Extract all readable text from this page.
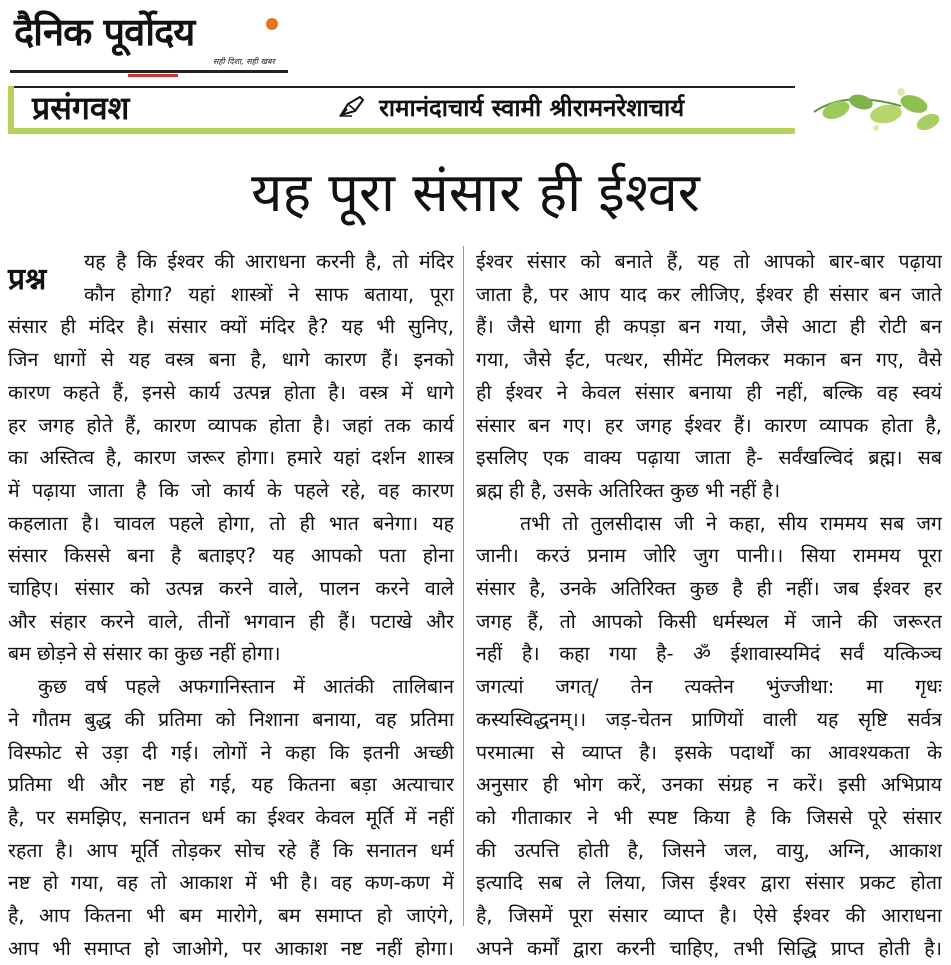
दैनिक पूर्वोदय
सही दिशा, सही खबर
प्रसंगवश	रामानंदाचार्य स्वामी श्रीरामनरेशाचार्य
यह पूरा संसार ही ईश्वर
प्रश्न
यह है कि ईश्वर की आराधना करनी है, तो मंदिर
कौन होगा? यहां शास्त्रों ने साफ बताया, पूरा
संसार ही मंदिर है। संसार क्यों मंदिर है? यह भी सुनिए,
जिन धागों से यह वस्त्र बना है, धागे कारण हैं। इनको
कारण कहते हैं, इनसे कार्य उत्पन्न होता है। वस्त्र में धागे
हर जगह होते हैं, कारण व्यापक होता है। जहां तक कार्य
का अस्तित्व है, कारण जरूर होगा। हमारे यहां दर्शन शास्त्र
में पढ़ाया जाता है कि जो कार्य के पहले रहे, वह कारण
कहलाता है। चावल पहले होगा, तो ही भात बनेगा। यह
संसार किससे बना है बताइए? यह आपको पता होना
चाहिए। संसार को उत्पन्न करने वाले, पालन करने वाले
और संहार करने वाले, तीनों भगवान ही हैं। पटाखे और
बम छोड़ने से संसार का कुछ नहीं होगा।
कुछ वर्ष पहले अफगानिस्तान में आतंकी तालिबान
ने गौतम बुद्ध की प्रतिमा को निशाना बनाया, वह प्रतिमा
विस्फोट से उड़ा दी गई। लोगों ने कहा कि इतनी अच्छी
प्रतिमा थी और नष्ट हो गई, यह कितना बड़ा अत्याचार
है, पर समझिए, सनातन धर्म का ईश्वर केवल मूर्ति में नहीं
रहता है। आप मूर्ति तोड़कर सोच रहे हैं कि सनातन धर्म
नष्ट हो गया, वह तो आकाश में भी है। वह कण-कण में
है, आप कितना भी बम मारोगे, बम समाप्त हो जाएंगे,
आप भी समाप्त हो जाओगे, पर आकाश नष्ट नहीं होगा।
ईश्वर संसार को बनाते हैं, यह तो आपको बार-बार पढ़ाया
जाता है, पर आप याद कर लीजिए, ईश्वर ही संसार बन जाते
हैं। जैसे धागा ही कपड़ा बन गया, जैसे आटा ही रोटी बन
गया, जैसे ईंट, पत्थर, सीमेंट मिलकर मकान बन गए, वैसे
ही ईश्वर ने केवल संसार बनाया ही नहीं, बल्कि वह स्वयं
संसार बन गए। हर जगह ईश्वर हैं। कारण व्यापक होता है,
इसलिए एक वाक्य पढ़ाया जाता है- सर्वंखल्विदं ब्रह्म। सब
ब्रह्म ही है, उसके अतिरिक्त कुछ भी नहीं है।
तभी तो तुलसीदास जी ने कहा, सीय राममय सब जग
जानी। करउं प्रनाम जोरि जुग पानी।। सिया राममय पूरा
संसार है, उनके अतिरिक्त कुछ है ही नहीं। जब ईश्वर हर
जगह हैं, तो आपको किसी धर्मस्थल में जाने की जरूरत
नहीं है। कहा गया है- ॐ ईशावास्यमिदं सर्वं यत्किञ्च
जगत्यां जगत्/ तेन त्यक्तेन भुंज्जीथा: मा गृधः
कस्यस्विद्धनम्।। जड़-चेतन प्राणियों वाली यह सृष्टि सर्वत्र
परमात्मा से व्याप्त है। इसके पदार्थों का आवश्यकता के
अनुसार ही भोग करें, उनका संग्रह न करें। इसी अभिप्राय
को गीताकार ने भी स्पष्ट किया है कि जिससे पूरे संसार
की उत्पत्ति होती है, जिसने जल, वायु, अग्नि, आकाश
इत्यादि सब ले लिया, जिस ईश्वर द्वारा संसार प्रकट होता
है, जिसमें पूरा संसार व्याप्त है। ऐसे ईश्वर की आराधना
अपने कर्मों द्वारा करनी चाहिए, तभी सिद्धि प्राप्त होती है।
